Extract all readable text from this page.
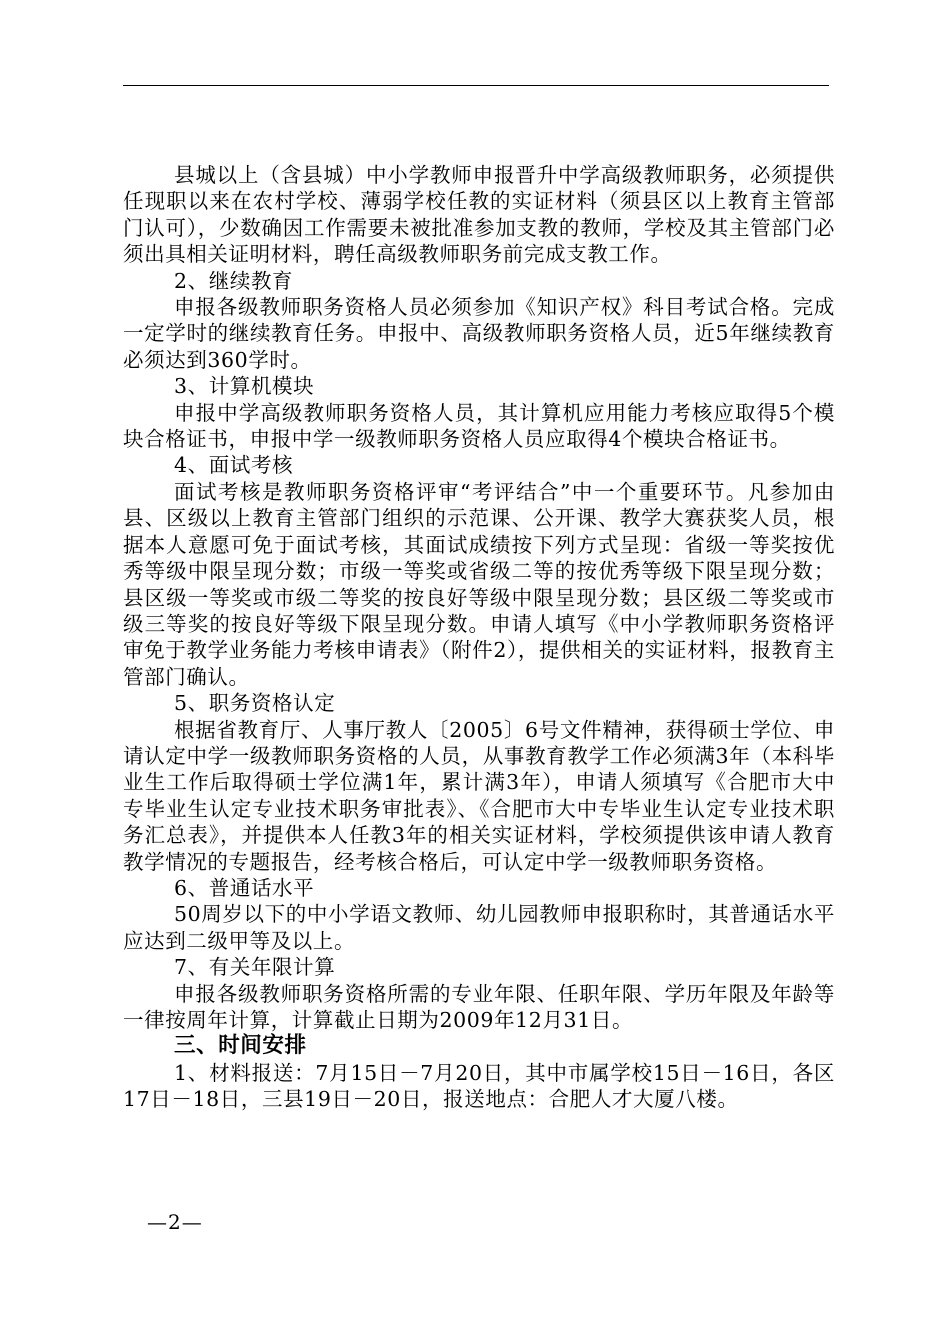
县城以上（含县城）中小学教师申报晋升中学高级教师职务，必须提供任现职以来在农村学校、薄弱学校任教的实证材料（须县区以上教育主管部门认可），少数确因工作需要未被批准参加支教的教师，学校及其主管部门必须出具相关证明材料，聘任高级教师职务前完成支教工作。

2、继续教育

申报各级教师职务资格人员必须参加《知识产权》科目考试合格。完成一定学时的继续教育任务。申报中、高级教师职务资格人员，近5年继续教育必须达到360学时。

3、计算机模块

申报中学高级教师职务资格人员，其计算机应用能力考核应取得5个模块合格证书，申报中学一级教师职务资格人员应取得4个模块合格证书。

4、面试考核

面试考核是教师职务资格评审“考评结合”中一个重要环节。凡参加由县、区级以上教育主管部门组织的示范课、公开课、教学大赛获奖人员，根据本人意愿可免于面试考核，其面试成绩按下列方式呈现：省级一等奖按优秀等级中限呈现分数；市级一等奖或省级二等的按优秀等级下限呈现分数；县区级一等奖或市级二等奖的按良好等级中限呈现分数；县区级二等奖或市级三等奖的按良好等级下限呈现分数。申请人填写《中小学教师职务资格评审免于教学业务能力考核申请表》（附件2），提供相关的实证材料，报教育主管部门确认。

5、职务资格认定

根据省教育厅、人事厅教人〔2005〕6号文件精神，获得硕士学位、申请认定中学一级教师职务资格的人员，从事教育教学工作必须满3年（本科毕业生工作后取得硕士学位满1年，累计满3年），申请人须填写《合肥市大中专毕业生认定专业技术职务审批表》、《合肥市大中专毕业生认定专业技术职务汇总表》，并提供本人任教3年的相关实证材料，学校须提供该申请人教育教学情况的专题报告，经考核合格后，可认定中学一级教师职务资格。

6、普通话水平

50周岁以下的中小学语文教师、幼儿园教师申报职称时，其普通话水平应达到二级甲等及以上。

7、有关年限计算

申报各级教师职务资格所需的专业年限、任职年限、学历年限及年龄等一律按周年计算，计算截止日期为2009年12月31日。

三、时间安排

1、材料报送：7月15日－7月20日，其中市属学校15日－16日，各区17日－18日，三县19日－20日，报送地点：合肥人才大厦八楼。

—2—
